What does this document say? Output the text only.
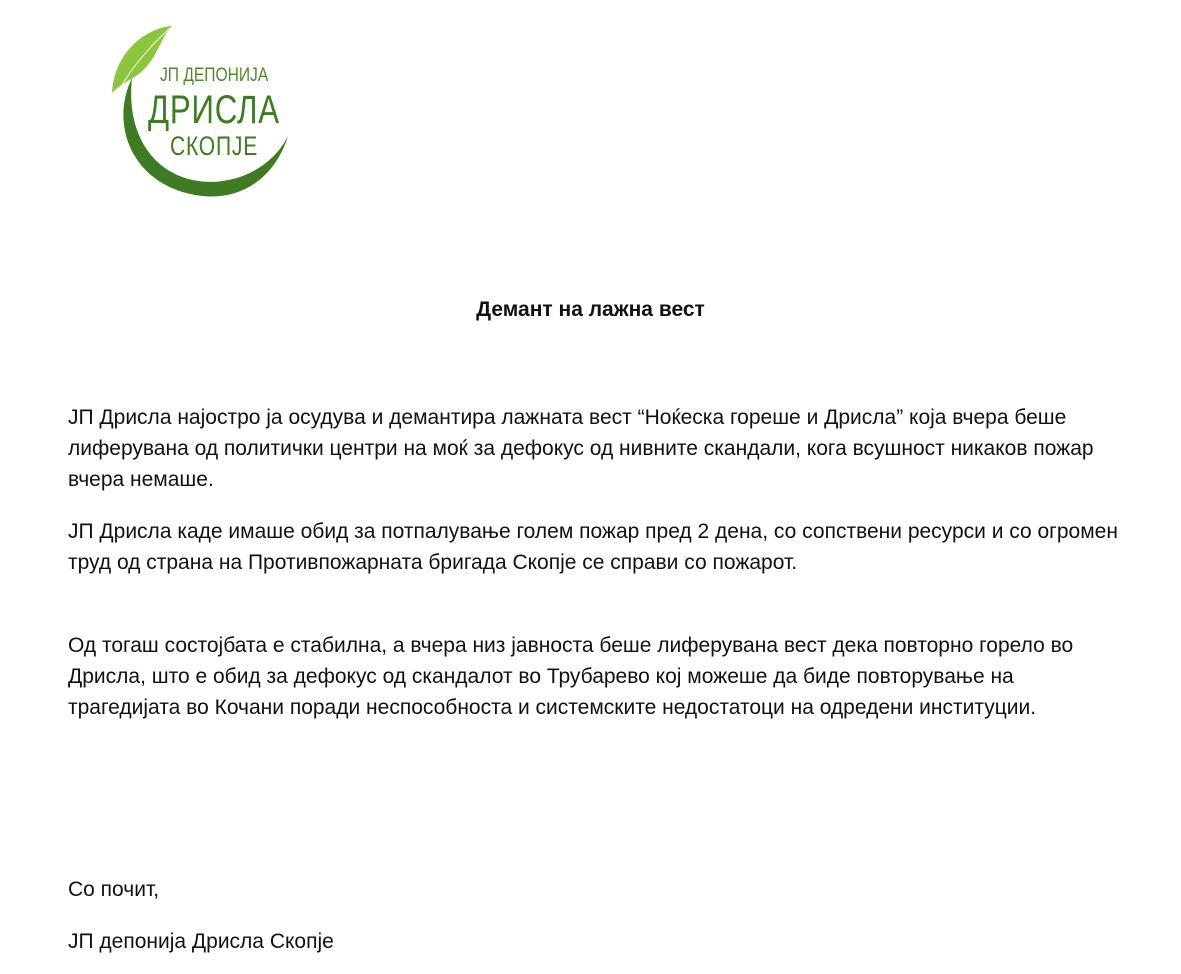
ЈП ДЕПОНИЈА
ДРИСЛА
СКОПЈЕ
Демант на лажна вест

ЈП Дрисла најостро ја осудува и демантира лажната вест “Ноќеска гореше и Дрисла” која вчера беше лиферувана од политички центри на моќ за дефокус од нивните скандали, кога всушност никаков пожар вчера немаше.

ЈП Дрисла каде имаше обид за потпалување голем пожар пред 2 дена, со сопствени ресурси и со огромен труд од страна на Противпожарната бригада Скопје се справи со пожарот.

Од тогаш состојбата е стабилна, а вчера низ јавноста беше лиферувана вест дека повторно горело во Дрисла, што е обид за дефокус од скандалот во Трубарево кој можеше да биде повторување на трагедијата во Кочани поради неспособноста и системските недостатоци на одредени институции.

Со почит,
ЈП депонија Дрисла Скопје
